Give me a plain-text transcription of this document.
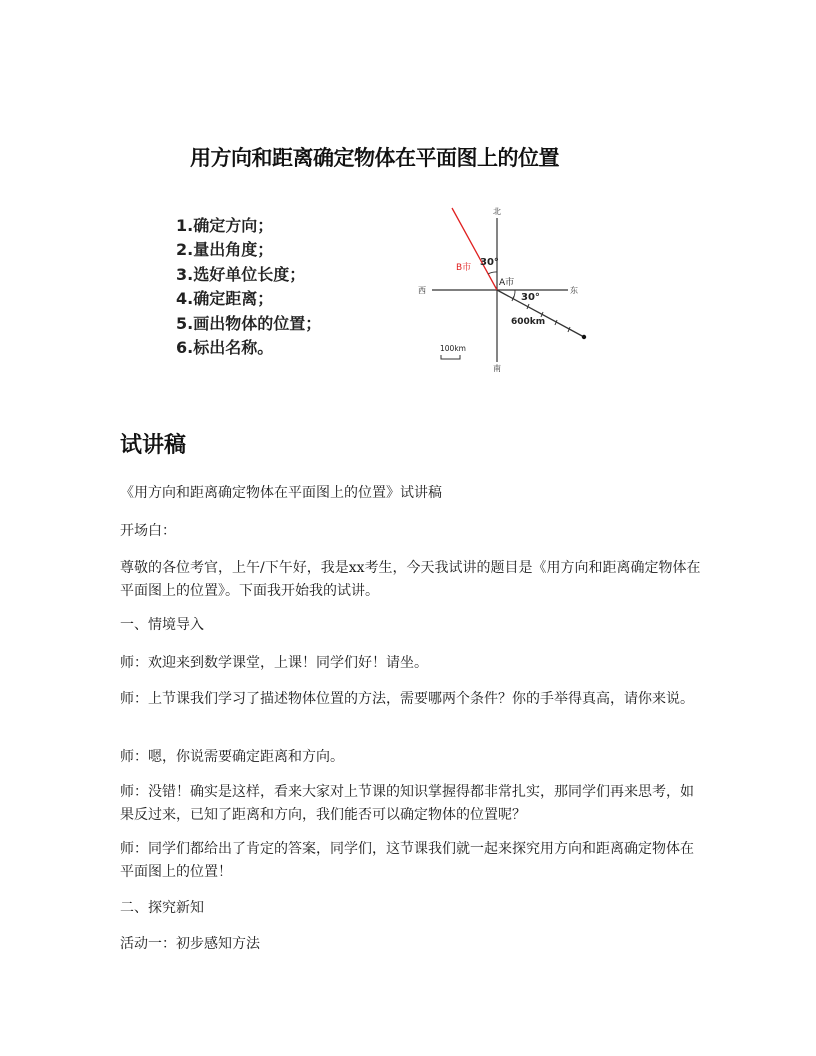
用方向和距离确定物体在平面图上的位置
1.确定方向；
2.量出角度；
3.选好单位长度；
4.确定距离；
5.画出物体的位置；
6.标出名称。
北
南
东
西
B市 30°
A市
30°
600km
100km
试讲稿

《用方向和距离确定物体在平面图上的位置》试讲稿

开场白：

尊敬的各位考官，上午/下午好，我是xx考生，今天我试讲的题目是《用方向和距离确定物体在平面图上的位置》。下面我开始我的试讲。

一、情境导入

师：欢迎来到数学课堂，上课！同学们好！请坐。

师：上节课我们学习了描述物体位置的方法，需要哪两个条件？你的手举得真高，请你来说。

师：嗯，你说需要确定距离和方向。

师：没错！确实是这样，看来大家对上节课的知识掌握得都非常扎实，那同学们再来思考，如果反过来，已知了距离和方向，我们能否可以确定物体的位置呢？

师：同学们都给出了肯定的答案，同学们，这节课我们就一起来探究用方向和距离确定物体在平面图上的位置！

二、探究新知

活动一：初步感知方法
